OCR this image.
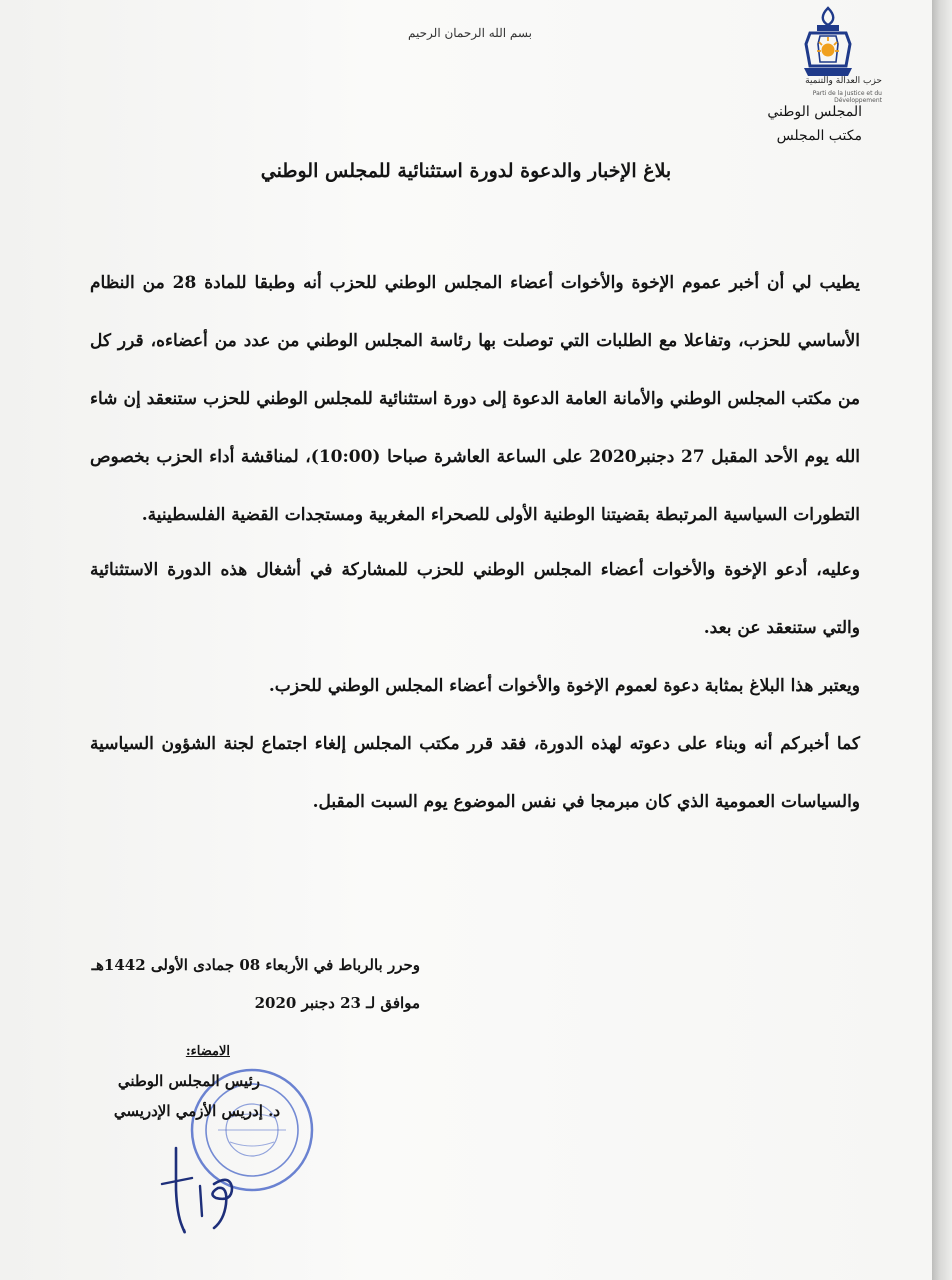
بسم الله الرحمان الرحيم
حزب العدالة والتنمية
Parti de la Justice et du Développement
المجلس الوطني
مكتب المجلس
بلاغ الإخبار والدعوة لدورة استثنائية للمجلس الوطني
يطيب لي أن أخبر عموم الإخوة والأخوات أعضاء المجلس الوطني للحزب أنه وطبقا للمادة 28 من النظام الأساسي للحزب، وتفاعلا مع الطلبات التي توصلت بها رئاسة المجلس الوطني من عدد من أعضاءه، قرر كل من مكتب المجلس الوطني والأمانة العامة الدعوة إلى دورة استثنائية للمجلس الوطني للحزب ستنعقد إن شاء الله يوم الأحد المقبل 27 دجنبر2020 على الساعة العاشرة صباحا (10:00)، لمناقشة أداء الحزب بخصوص التطورات السياسية المرتبطة بقضيتنا الوطنية الأولى للصحراء المغربية ومستجدات القضية الفلسطينية.
وعليه، أدعو الإخوة والأخوات أعضاء المجلس الوطني للحزب للمشاركة في أشغال هذه الدورة الاستثنائية والتي ستنعقد عن بعد.
ويعتبر هذا البلاغ بمثابة دعوة لعموم الإخوة والأخوات أعضاء المجلس الوطني للحزب.
كما أخبركم أنه وبناء على دعوته لهذه الدورة، فقد قرر مكتب المجلس إلغاء اجتماع لجنة الشؤون السياسية والسياسات العمومية الذي كان مبرمجا في نفس الموضوع يوم السبت المقبل.
وحرر بالرباط في الأربعاء 08 جمادى الأولى 1442هـ
موافق لـ 23 دجنبر 2020
الامضاء:
رئيس المجلس الوطني
د. إدريس الأزمي الإدريسي
